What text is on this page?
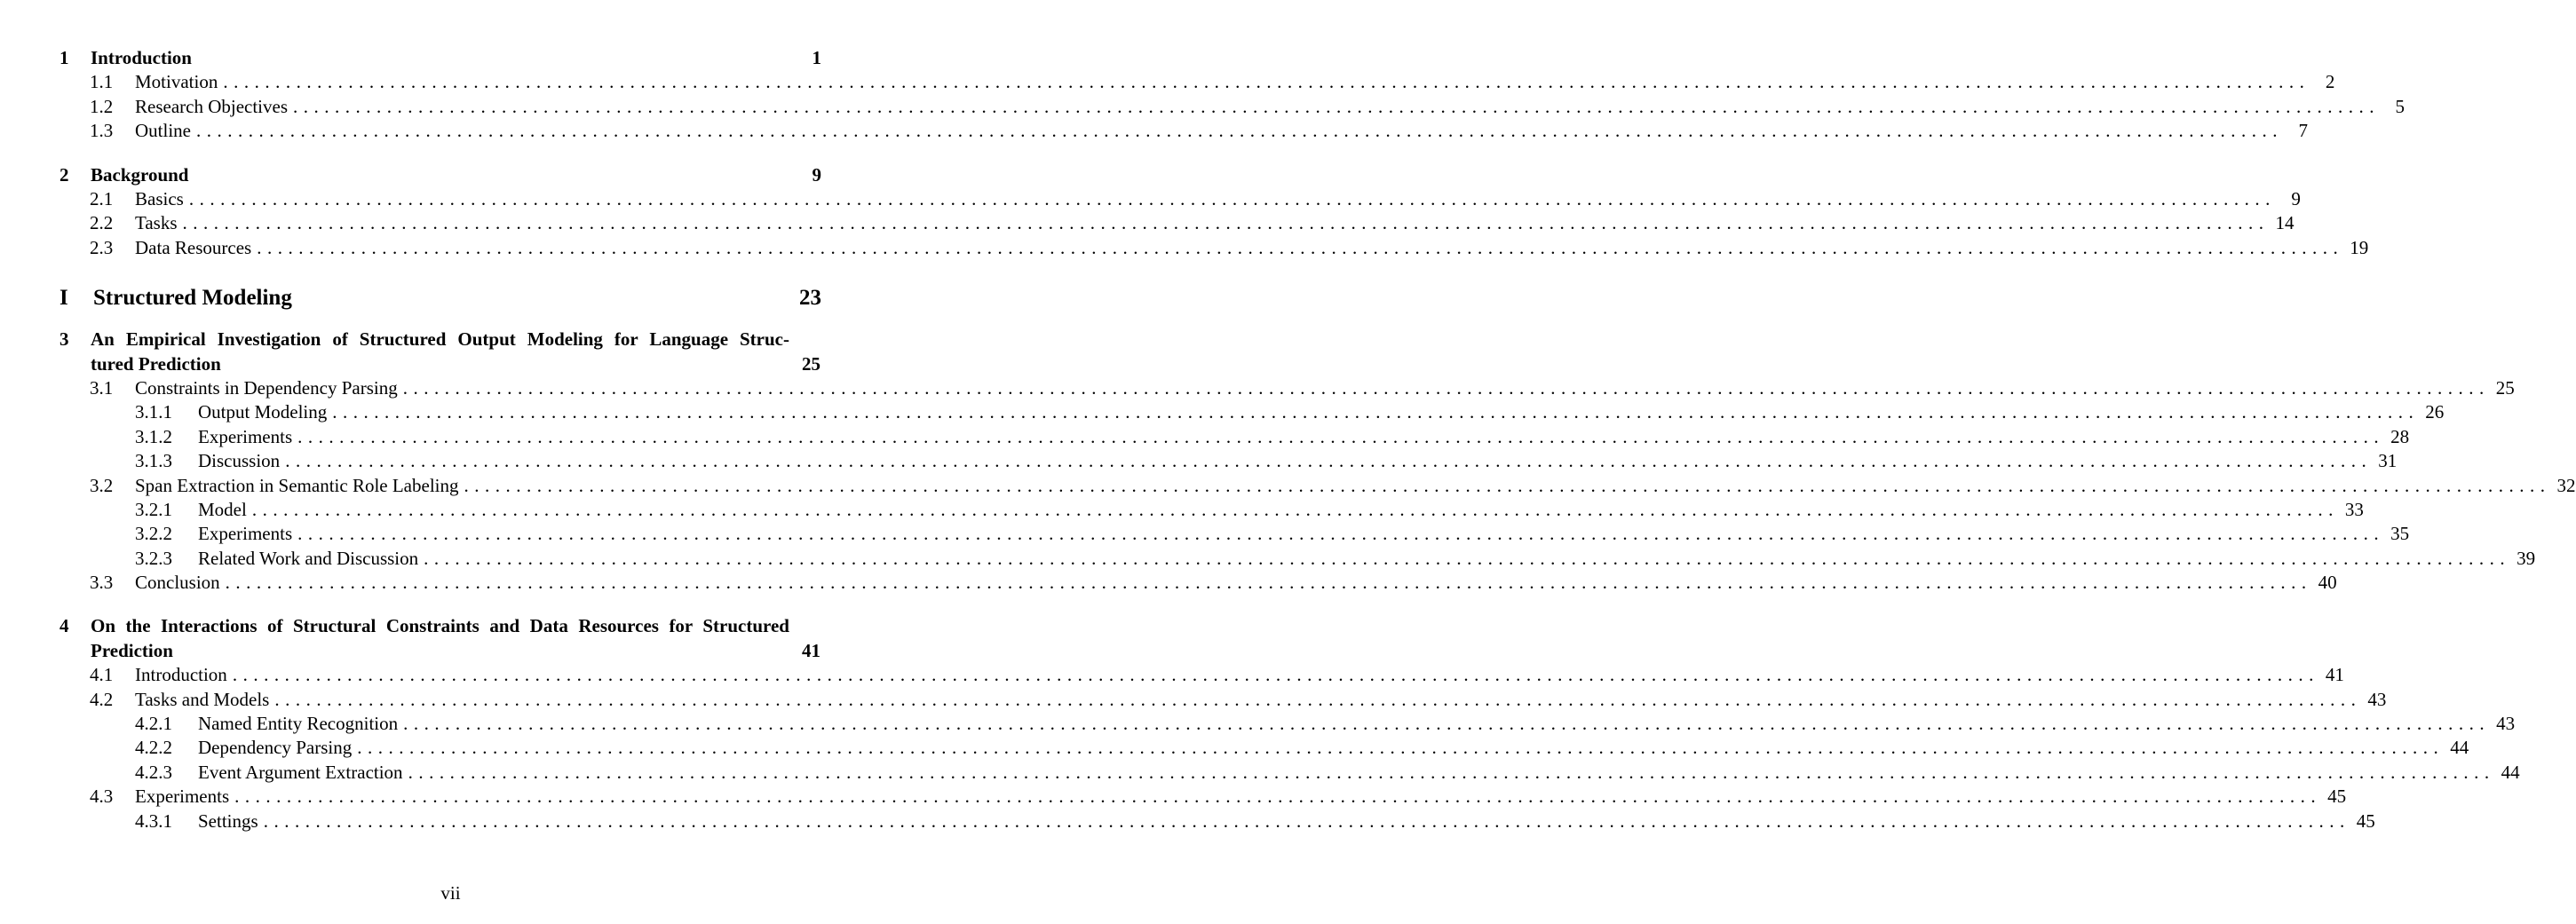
1	Introduction	1
1.1	Motivation ........................................................................................................................................................................................................ 2
1.2	Research Objectives ........................................................................................................................................................................................................ 5
1.3	Outline ........................................................................................................................................................................................................ 7
2	Background	9
2.1	Basics ........................................................................................................................................................................................................ 9
2.2	Tasks ........................................................................................................................................................................................................ 14
2.3	Data Resources ........................................................................................................................................................................................................ 19
I	Structured Modeling	23
3	An Empirical Investigation of Structured Output Modeling for Language Struc-
tured Prediction	25
3.1	Constraints in Dependency Parsing ........................................................................................................................................................................................................ 25
3.1.1	Output Modeling ........................................................................................................................................................................................................ 26
3.1.2	Experiments ........................................................................................................................................................................................................ 28
3.1.3	Discussion ........................................................................................................................................................................................................ 31
3.2	Span Extraction in Semantic Role Labeling ........................................................................................................................................................................................................ 32
3.2.1	Model ........................................................................................................................................................................................................ 33
3.2.2	Experiments ........................................................................................................................................................................................................ 35
3.2.3	Related Work and Discussion ........................................................................................................................................................................................................ 39
3.3	Conclusion ........................................................................................................................................................................................................ 40
4	On the Interactions of Structural Constraints and Data Resources for Structured
Prediction	41
4.1	Introduction ........................................................................................................................................................................................................ 41
4.2	Tasks and Models ........................................................................................................................................................................................................ 43
4.2.1	Named Entity Recognition ........................................................................................................................................................................................................ 43
4.2.2	Dependency Parsing ........................................................................................................................................................................................................ 44
4.2.3	Event Argument Extraction ........................................................................................................................................................................................................ 44
4.3	Experiments ........................................................................................................................................................................................................ 45
4.3.1	Settings ........................................................................................................................................................................................................ 45
vii
